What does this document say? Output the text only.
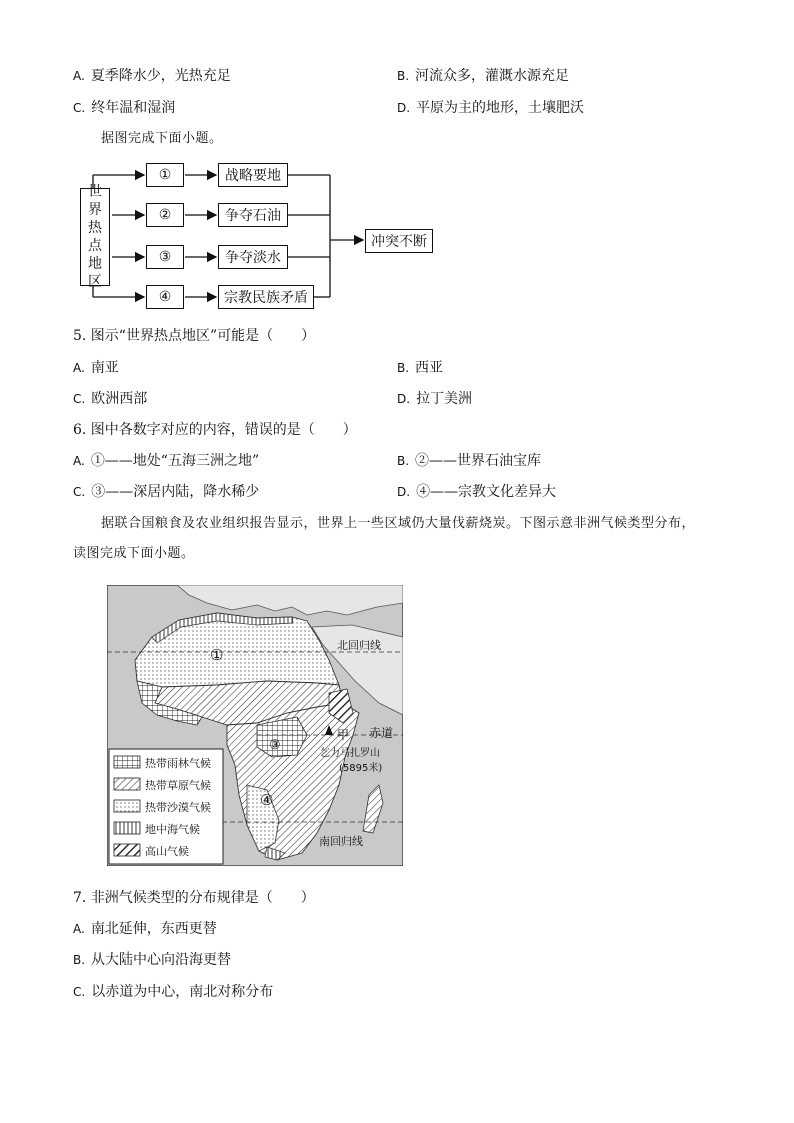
A. 夏季降水少，光热充足	B. 河流众多，灌溉水源充足
C. 终年温和湿润	D. 平原为主的地形，土壤肥沃
据图完成下面小题。
世
界
热
点
地
区
①
②
③
④
战略要地
争夺石油
争夺淡水
宗教民族矛盾
冲突不断
5. 图示“世界热点地区”可能是（　　）
A. 南亚	B. 西亚
C. 欧洲西部	D. 拉丁美洲
6. 图中各数字对应的内容，错误的是（　　）
A. ①——地处“五海三洲之地”	B. ②——世界石油宝库
C. ③——深居内陆，降水稀少	D. ④——宗教文化差异大
据联合国粮食及农业组织报告显示，世界上一些区域仍大量伐薪烧炭。下图示意非洲气候类型分布，
读图完成下面小题。
热带雨林气候
热带草原气候
热带沙漠气候
地中海气候
高山气候
北回归线
①
甲 赤道
③
乞力马扎罗山
(5895米)
④
南回归线
7. 非洲气候类型的分布规律是（　　）
A. 南北延伸，东西更替
B. 从大陆中心向沿海更替
C. 以赤道为中心，南北对称分布
